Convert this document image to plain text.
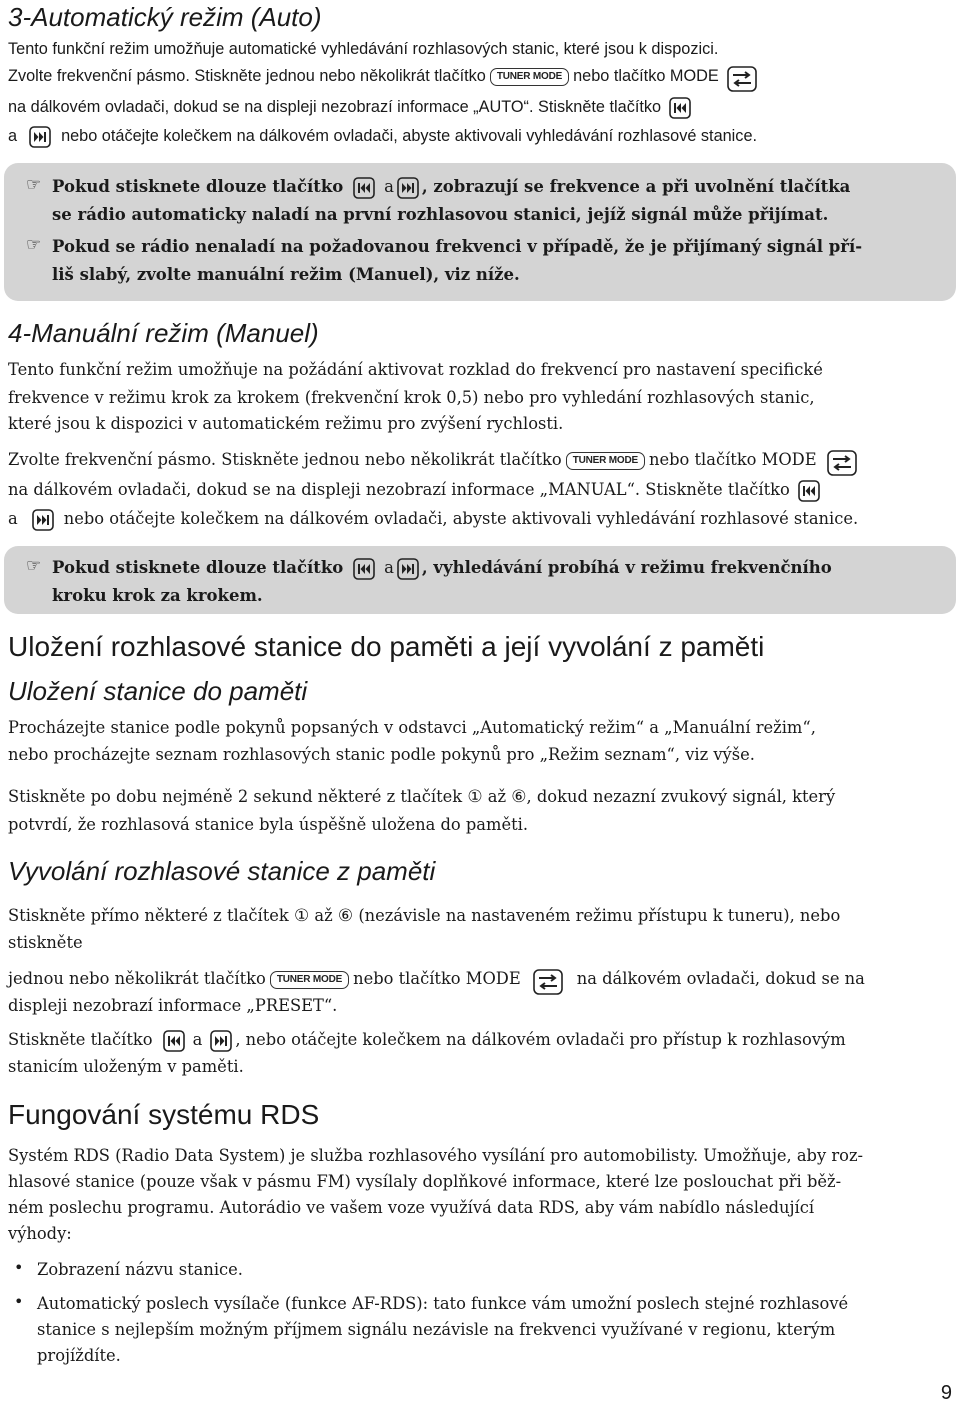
3-Automatický režim (Auto)

Tento funkční režim umožňuje automatické vyhledávání rozhlasových stanic, které jsou k dispozici.

Zvolte frekvenční pásmo. Stiskněte jednou nebo několikrát tlačítko TUNER MODE nebo tlačítko MODE

na dálkovém ovladači, dokud se na displeji nezobrazí informace „AUTO“. Stiskněte tlačítko

a	nebo otáčejte kolečkem na dálkovém ovladači, abyste aktivovali vyhledávání rozhlasové stanice.

☞ Pokud stisknete dlouze tlačítko a , zobrazují se frekvence a při uvolnění tlačítka
se rádio automaticky naladí na první rozhlasovou stanici, jejíž signál může přijímat.
☞ Pokud se rádio nenaladí na požadovanou frekvenci v případě, že je přijímaný signál pří-
liš slabý, zvolte manuální režim (Manuel), viz níže.
4-Manuální režim (Manuel)

Tento funkční režim umožňuje na požádání aktivovat rozklad do frekvencí pro nastavení specifické

frekvence v režimu krok za krokem (frekvenční krok 0,5) nebo pro vyhledání rozhlasových stanic,

které jsou k dispozici v automatickém režimu pro zvýšení rychlosti.

Zvolte frekvenční pásmo. Stiskněte jednou nebo několikrát tlačítko TUNER MODE nebo tlačítko MODE

na dálkovém ovladači, dokud se na displeji nezobrazí informace „MANUAL“. Stiskněte tlačítko

a	nebo otáčejte kolečkem na dálkovém ovladači, abyste aktivovali vyhledávání rozhlasové stanice.

☞ Pokud stisknete dlouze tlačítko a , vyhledávání probíhá v režimu frekvenčního
kroku krok za krokem.
Uložení rozhlasové stanice do paměti a její vyvolání z paměti
Uložení stanice do paměti

Procházejte stanice podle pokynů popsaných v odstavci „Automatický režim“ a „Manuální režim“,

nebo procházejte seznam rozhlasových stanic podle pokynů pro „Režim seznam“, viz výše.

Stiskněte po dobu nejméně 2 sekund některé z tlačítek ① až ⑥, dokud nezazní zvukový signál, který

potvrdí, že rozhlasová stanice byla úspěšně uložena do paměti.

Vyvolání rozhlasové stanice z paměti

Stiskněte přímo některé z tlačítek ① až ⑥ (nezávisle na nastaveném režimu přístupu k tuneru), nebo

stiskněte

jednou nebo několikrát tlačítko TUNER MODE nebo tlačítko MODE	na dálkovém ovladači, dokud se na

displeji nezobrazí informace „PRESET“.

Stiskněte tlačítko a , nebo otáčejte kolečkem na dálkovém ovladači pro přístup k rozhlasovým

stanicím uloženým v paměti.

Fungování systému RDS

Systém RDS (Radio Data System) je služba rozhlasového vysílání pro automobilisty. Umožňuje, aby roz-

hlasové stanice (pouze však v pásmu FM) vysílaly doplňkové informace, které lze poslouchat při běž-

ném poslechu programu. Autorádio ve vašem voze využívá data RDS, aby vám nabídlo následující

výhody:

• Zobrazení názvu stanice.

• Automatický poslech vysílače (funkce AF-RDS): tato funkce vám umožní poslech stejné rozhlasové

stanice s nejlepším možným příjmem signálu nezávisle na frekvenci využívané v regionu, kterým

projíždíte.

9
